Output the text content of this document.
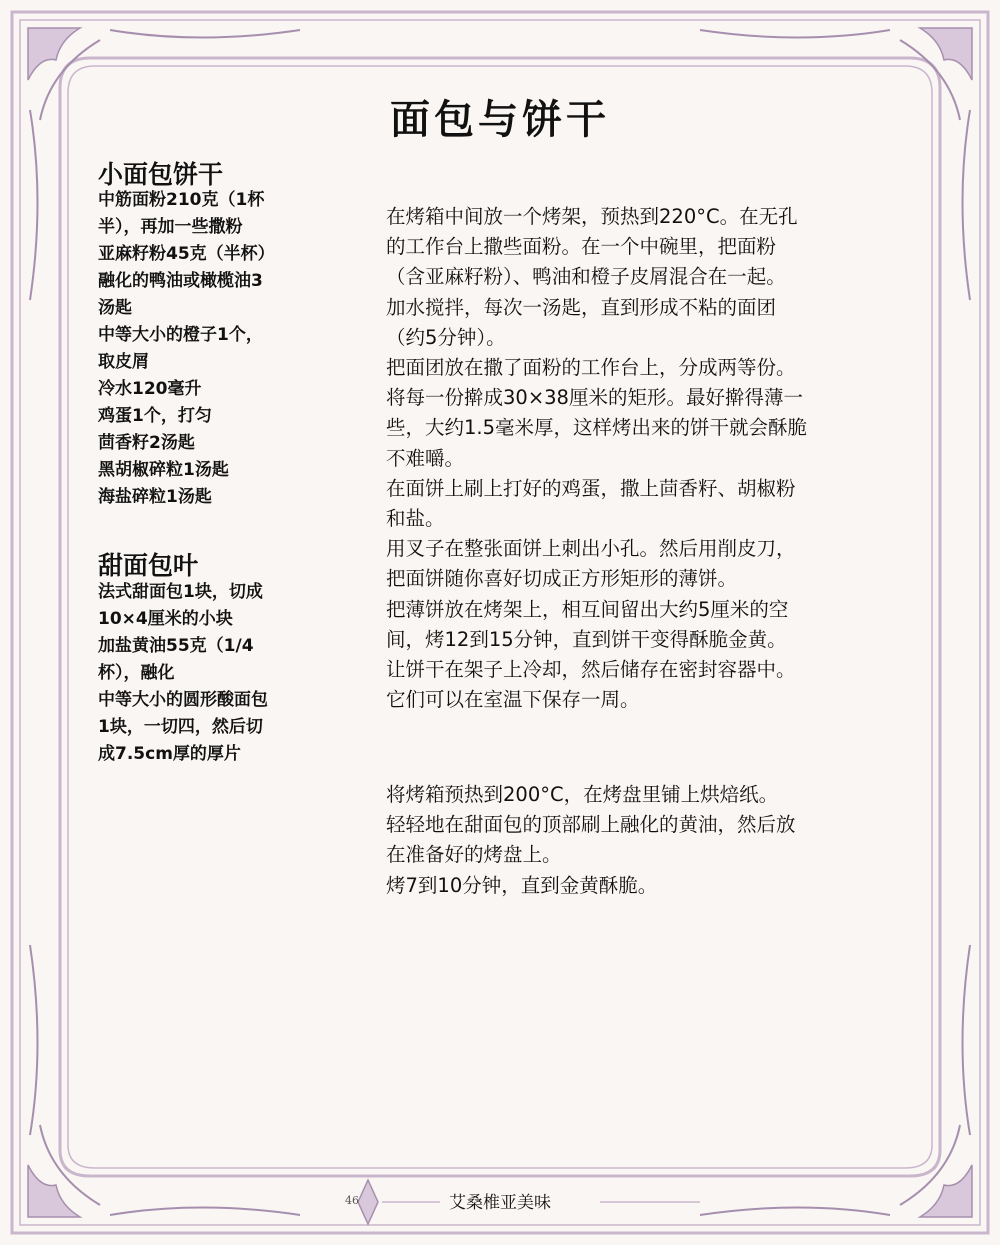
面包与饼干
小面包饼干
中筋面粉210克（1杯
半），再加一些撒粉
亚麻籽粉45克（半杯）
融化的鸭油或橄榄油3
汤匙
中等大小的橙子1个，
取皮屑
冷水120毫升
鸡蛋1个，打匀
茴香籽2汤匙
黑胡椒碎粒1汤匙
海盐碎粒1汤匙
在烤箱中间放一个烤架，预热到220°C。在无孔
的工作台上撒些面粉。在一个中碗里，把面粉
（含亚麻籽粉）、鸭油和橙子皮屑混合在一起。
加水搅拌，每次一汤匙，直到形成不粘的面团
（约5分钟）。
把面团放在撒了面粉的工作台上，分成两等份。
将每一份擀成30×38厘米的矩形。最好擀得薄一
些，大约1.5毫米厚，这样烤出来的饼干就会酥脆
不难嚼。
在面饼上刷上打好的鸡蛋，撒上茴香籽、胡椒粉
和盐。
用叉子在整张面饼上刺出小孔。然后用削皮刀，
把面饼随你喜好切成正方形矩形的薄饼。
把薄饼放在烤架上，相互间留出大约5厘米的空
间，烤12到15分钟，直到饼干变得酥脆金黄。
让饼干在架子上冷却，然后储存在密封容器中。
它们可以在室温下保存一周。
甜面包叶
法式甜面包1块，切成
10×4厘米的小块
加盐黄油55克（1/4
杯），融化
中等大小的圆形酸面包
1块，一切四，然后切
成7.5cm厚的厚片
将烤箱预热到200°C，在烤盘里铺上烘焙纸。
轻轻地在甜面包的顶部刷上融化的黄油，然后放
在准备好的烤盘上。
烤7到10分钟，直到金黄酥脆。
46	艾桑椎亚美味
